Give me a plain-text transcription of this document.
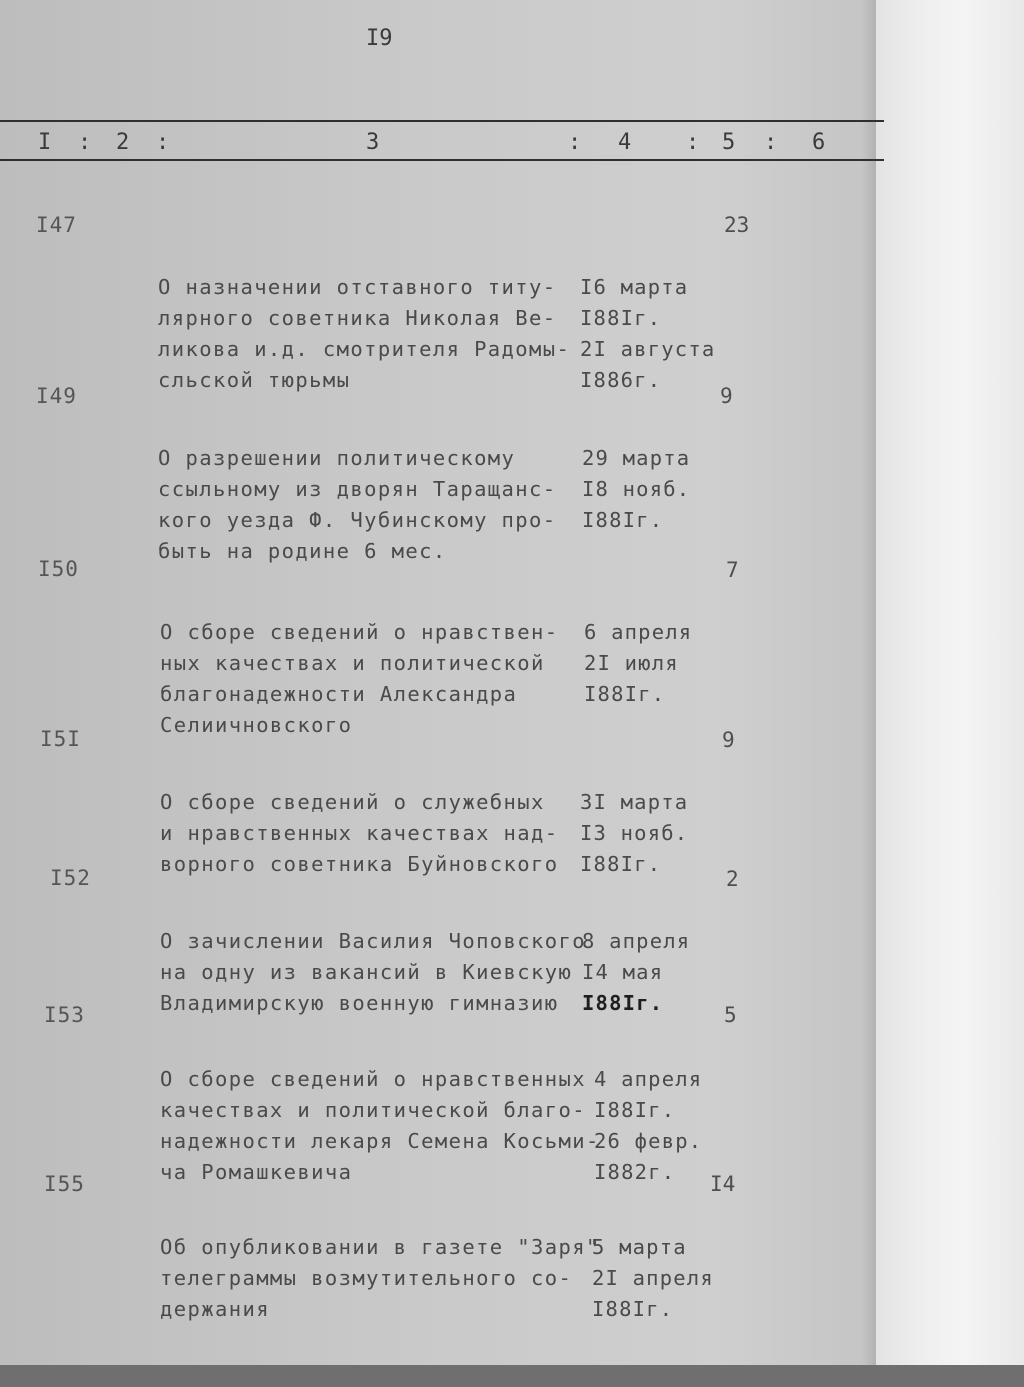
I9
I : 2 :	3	: 4 : 5 : 6
I47

О назначении отставного титу-
лярного советника Николая Ве-
ликова и.д. смотрителя Радомы-
сльской тюрьмы

I6 марта
I88Iг.
2I августа
I886г.

23
I49

О разрешении политическому
ссыльному из дворян Таращанс-
кого уезда Ф. Чубинскому про-
быть на родине 6 мес.

29 марта
I8 нояб.
I88Iг.

9
I50

О сборе сведений о нравствен-
ных качествах и политической
благонадежности Александра
Селиичновского

6 апреля
2I июля
I88Iг.

7
I5I

О сборе сведений о служебных
и нравственных качествах над-
ворного советника Буйновского

3I марта
I3 нояб.
I88Iг.

9
I52

О зачислении Василия Чоповского
на одну из вакансий в Киевскую
Владимирскую военную гимназию

8 апреля
I4 мая
I88Iг.

2
I53

О сборе сведений о нравственных
качествах и политической благо-
надежности лекаря Семена Косьми-
ча Ромашкевича

4 апреля
I88Iг.
26 февр.
I882г.

5
I55

Об опубликовании в газете "Заря"
телеграммы возмутительного со-
держания

5 марта
2I апреля
I88Iг.

I4
